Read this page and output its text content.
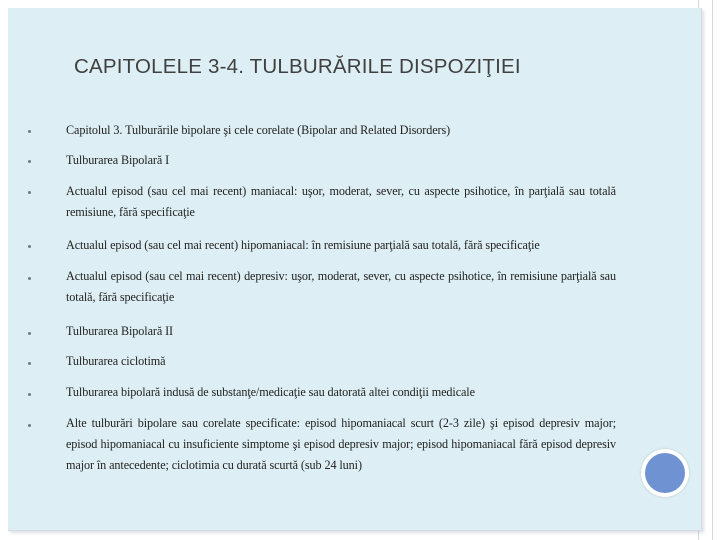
CAPITOLELE 3-4. TULBURĂRILE DISPOZIŢIEI
Capitolul 3. Tulburările bipolare şi cele corelate (Bipolar and Related Disorders)
Tulburarea Bipolară I
Actualul episod (sau cel mai recent) maniacal: uşor, moderat, sever, cu aspecte psihotice, în parţială sau totală remisiune, fără specificaţie
Actualul episod (sau cel mai recent) hipomaniacal: în remisiune parţială sau totală, fără specificaţie
Actualul episod (sau cel mai recent) depresiv: uşor, moderat, sever, cu aspecte psihotice, în remisiune parţială sau totală, fără specificaţie
Tulburarea Bipolară II
Tulburarea ciclotimă
Tulburarea bipolară indusă de substanţe/medicaţie sau datorată altei condiţii medicale
Alte tulburări bipolare sau corelate specificate: episod hipomaniacal scurt (2-3 zile) şi episod depresiv major; episod hipomaniacal cu insuficiente simptome şi episod depresiv major; episod hipomaniacal fără episod depresiv major în antecedente; ciclotimia cu durată scurtă (sub 24 luni)
